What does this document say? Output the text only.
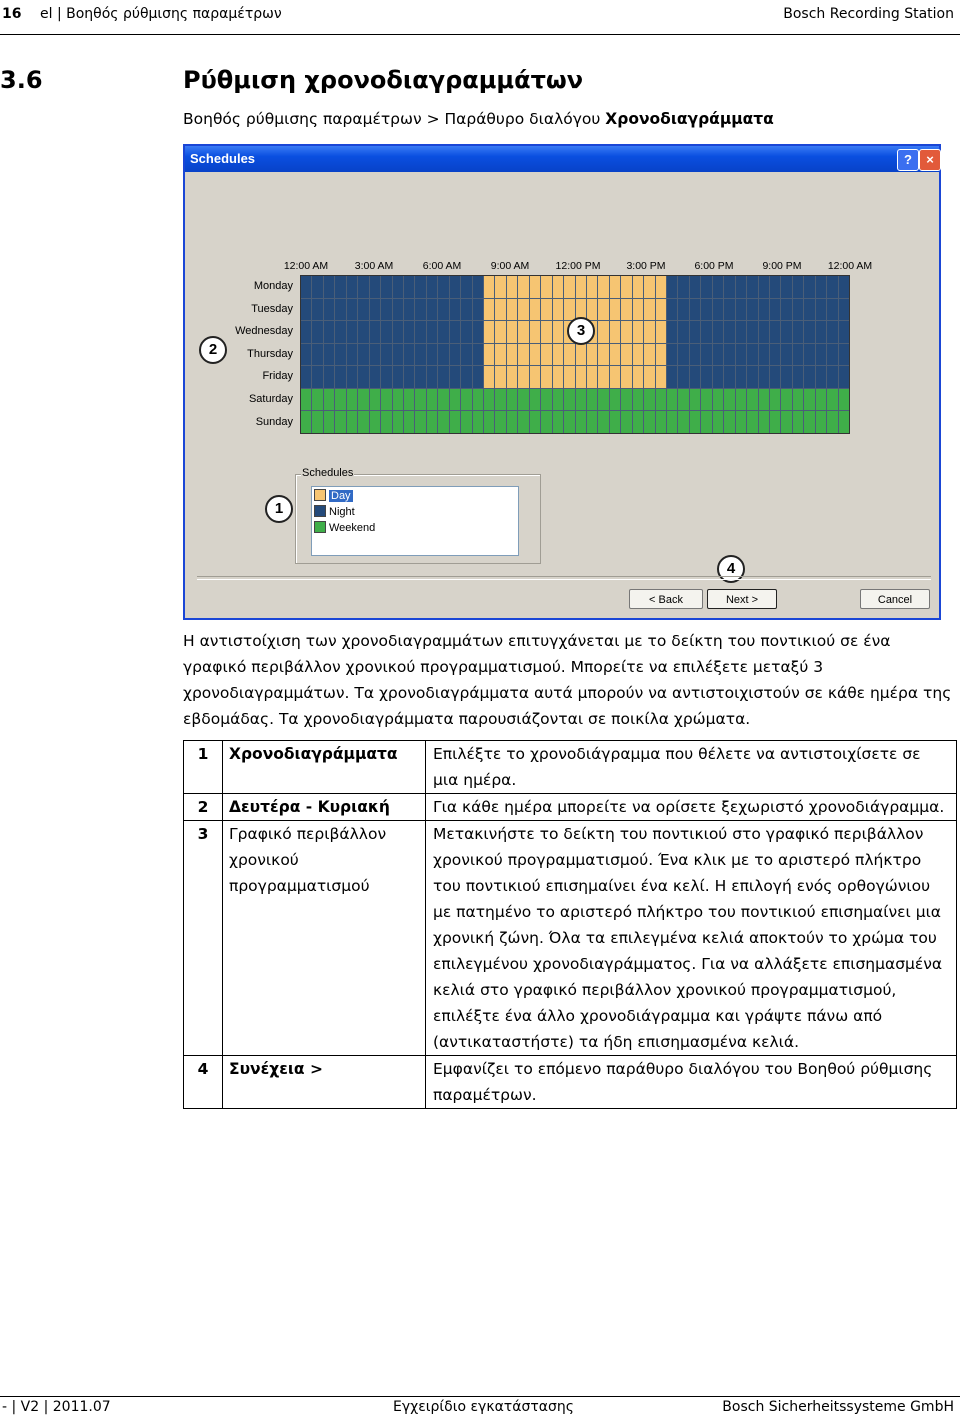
16 el | Βοηθός ρύθμισης παραμέτρων	Bosch Recording Station
3.6	Ρύθμιση χρονοδιαγραμμάτων
Βοηθός ρύθμισης παραμέτρων > Παράθυρο διαλόγου Χρονοδιαγράμματα
Schedules	?	×
12:00 AM	3:00 AM	6:00 AM	9:00 AM	12:00 PM 3:00 PM	6:00 PM	9:00 PM	12:00 AM
Monday
Tuesday
Wednesday
Thursday
Friday
Saturday
Sunday
2
3
1
4
Schedules
Day
Night
Weekend
< Back	Next >	Cancel
Η αντιστοίχιση των χρονοδιαγραμμάτων επιτυγχάνεται με το δείκτη του ποντικιού σε ένα γραφικό περιβάλλον χρονικού προγραμματισμού. Μπορείτε να επιλέξετε μεταξύ 3 χρονοδιαγραμμάτων. Τα χρονοδιαγράμματα αυτά μπορούν να αντιστοιχιστούν σε κάθε ημέρα της εβδομάδας. Τα χρονοδιαγράμματα παρουσιάζονται σε ποικίλα χρώματα.
1	Χρονοδιαγράμματα	Επιλέξτε το χρονοδιάγραμμα που θέλετε να αντιστοιχίσετε σε μια ημέρα.
2	Δευτέρα - Κυριακή	Για κάθε ημέρα μπορείτε να ορίσετε ξεχωριστό χρονοδιάγραμμα.
3	Γραφικό περιβάλλον χρονικού προγραμματισμού	Μετακινήστε το δείκτη του ποντικιού στο γραφικό περιβάλλον χρονικού προγραμματισμού. Ένα κλικ με το αριστερό πλήκτρο του ποντικιού επισημαίνει ένα κελί. Η επιλογή ενός ορθογώνιου με πατημένο το αριστερό πλήκτρο του ποντικιού επισημαίνει μια χρονική ζώνη. Όλα τα επιλεγμένα κελιά αποκτούν το χρώμα του επιλεγμένου χρονοδιαγράμματος. Για να αλλάξετε επισημασμένα κελιά στο γραφικό περιβάλλον χρονικού προγραμματισμού, επιλέξτε ένα άλλο χρονοδιάγραμμα και γράψτε πάνω από (αντικαταστήστε) τα ήδη επισημασμένα κελιά.
4	Συνέχεια >	Εμφανίζει το επόμενο παράθυρο διαλόγου του Βοηθού ρύθμισης παραμέτρων.
- | V2 | 2011.07	Εγχειρίδιο εγκατάστασης	Bosch Sicherheitssysteme GmbH
